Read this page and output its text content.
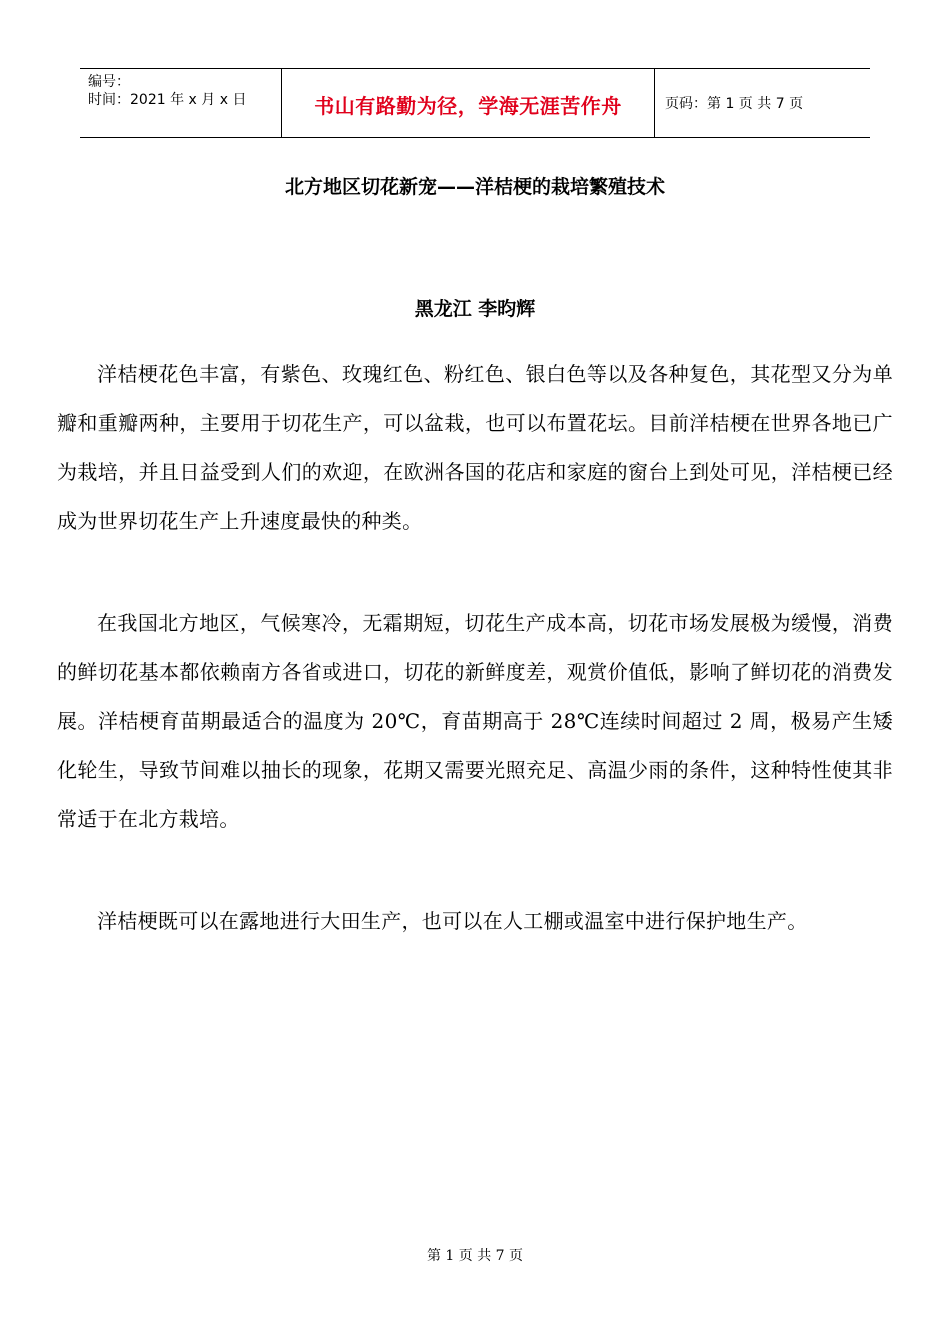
编号：
时间：2021 年 x 月 x 日	书山有路勤为径，学海无涯苦作舟	页码：第 1 页 共 7 页
北方地区切花新宠——洋桔梗的栽培繁殖技术
黑龙江 李昀辉

洋桔梗花色丰富，有紫色、玫瑰红色、粉红色、银白色等以及各种复色，其花型又分为单瓣和重瓣两种，主要用于切花生产，可以盆栽，也可以布置花坛。目前洋桔梗在世界各地已广为栽培，并且日益受到人们的欢迎，在欧洲各国的花店和家庭的窗台上到处可见，洋桔梗已经成为世界切花生产上升速度最快的种类。

在我国北方地区，气候寒冷，无霜期短，切花生产成本高，切花市场发展极为缓慢，消费的鲜切花基本都依赖南方各省或进口，切花的新鲜度差，观赏价值低，影响了鲜切花的消费发展。洋桔梗育苗期最适合的温度为 20℃，育苗期高于 28℃连续时间超过 2 周，极易产生矮化轮生，导致节间难以抽长的现象，花期又需要光照充足、高温少雨的条件，这种特性使其非常适于在北方栽培。

洋桔梗既可以在露地进行大田生产，也可以在人工棚或温室中进行保护地生产。

第 1 页 共 7 页
